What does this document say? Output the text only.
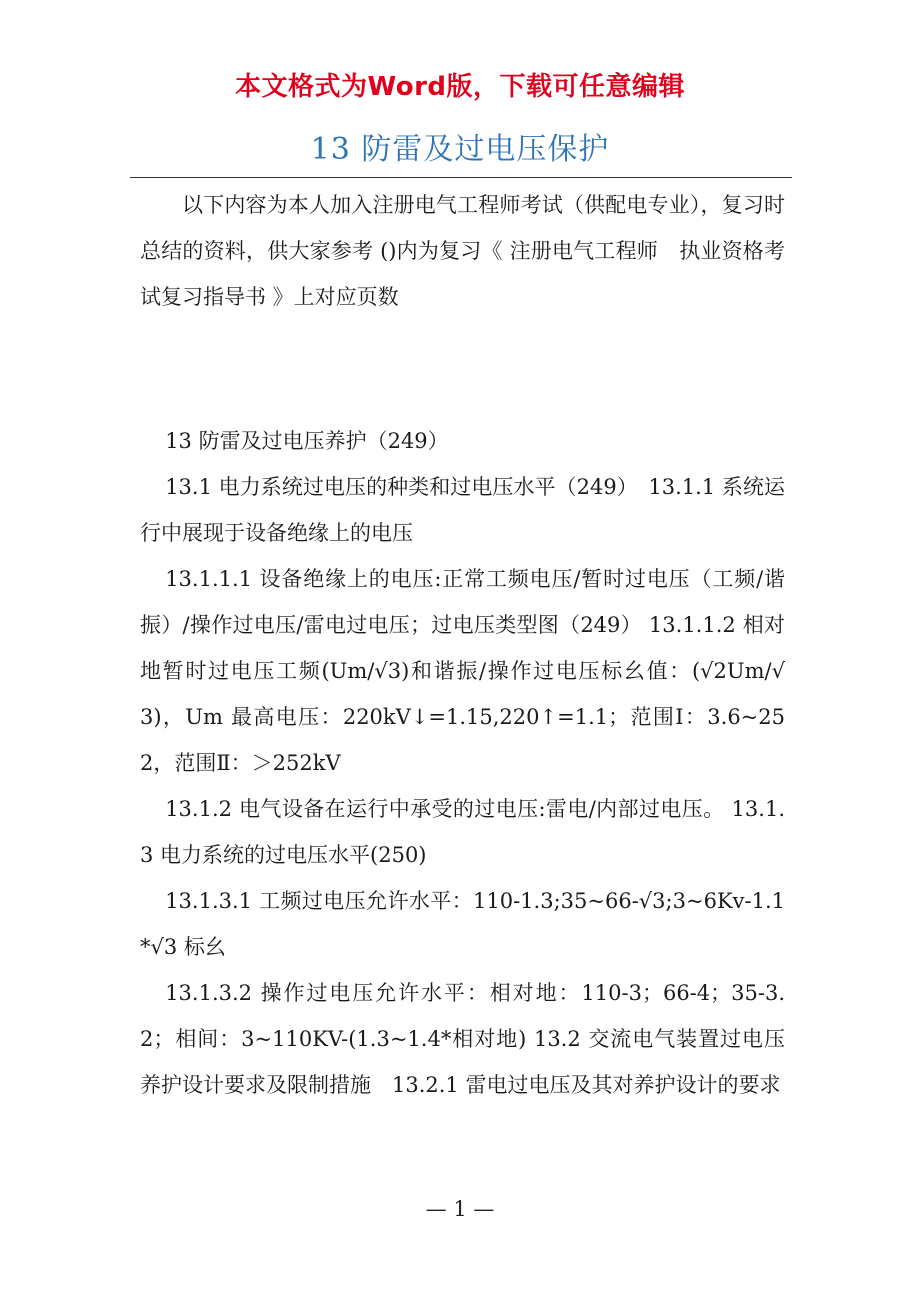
本文格式为Word版，下载可任意编辑
13 防雷及过电压保护

以下内容为本人加入注册电气工程师考试（供配电专业），复习时总结的资料，供大家参考 ()内为复习《 注册电气工程师　执业资格考试复习指导书 》上对应页数

13 防雷及过电压养护（249）

13.1 电力系统过电压的种类和过电压水平（249）　13.1.1 系统运行中展现于设备绝缘上的电压

13.1.1.1 设备绝缘上的电压:正常工频电压/暂时过电压（工频/谐振）/操作过电压/雷电过电压；过电压类型图（249） 13.1.1.2 相对地暂时过电压工频(Um/√3)和谐振/操作过电压标幺值：(√2Um/√3)，Um 最高电压：220kV↓=1.15,220↑=1.1；范围Ⅰ：3.6~252，范围Ⅱ：＞252kV

13.1.2 电气设备在运行中承受的过电压:雷电/内部过电压。 13.1.3 电力系统的过电压水平(250)

13.1.3.1 工频过电压允许水平：110-1.3;35~66-√3;3~6Kv-1.1*√3 标幺

13.1.3.2 操作过电压允许水平：相对地：110-3；66-4；35-3.2；相间：3~110KV-(1.3~1.4*相对地) 13.2 交流电气装置过电压养护设计要求及限制措施　13.2.1 雷电过电压及其对养护设计的要求

— 1 —
